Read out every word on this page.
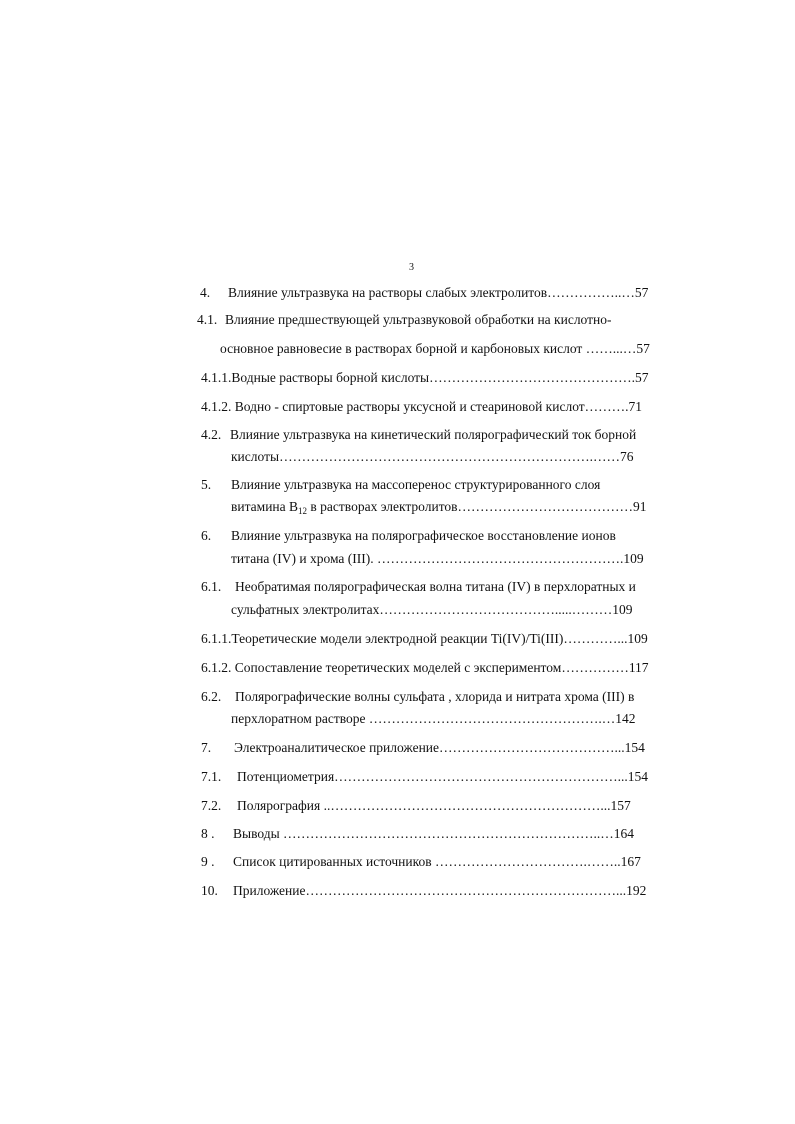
3
4. Влияние ультразвука на растворы слабых электролитов……………..…57
4.1. Влияние предшествующей ультразвуковой обработки на кислотно-
основное равновесие в растворах борной и карбоновых кислот ……...…57
4.1.1.Водные растворы борной кислоты……………………………………….57
4.1.2. Водно - спиртовые растворы уксусной и стеариновой кислот……….71
4.2. Влияние ультразвука на кинетический полярографический ток борной
кислоты…………………………………………………………….……76
5. Влияние ультразвука на массоперенос структурированного слоя
витамина $B_{12}$ в растворах электролитов…………………………………91
6. Влияние ультразвука на полярографическое восстановление ионов
титана (IV) и хрома (III). ……………………………………………….109
6.1. Необратимая полярографическая волна титана (IV) в перхлоратных и
сульфатных электролитах………………………………….....………109
6.1.1.Теоретические модели электродной реакции Ti(IV)/Ti(III)…………...109
6.1.2. Сопоставление теоретических моделей с экспериментом……………117
6.2. Полярографические волны сульфата , хлорида и нитрата хрома (III) в
перхлоратном растворе …………………………………………….…142
7. Электроаналитическое приложение…………………………………...154
7.1. Потенциометрия………………………………………………………...154
7.2. Полярография ..……………………………………………………...157
8 . Выводы ……………………………………………………………..…164
9 . Список цитированных источников …………………………….……..167
10. Приложение……………………………………………………………...192
